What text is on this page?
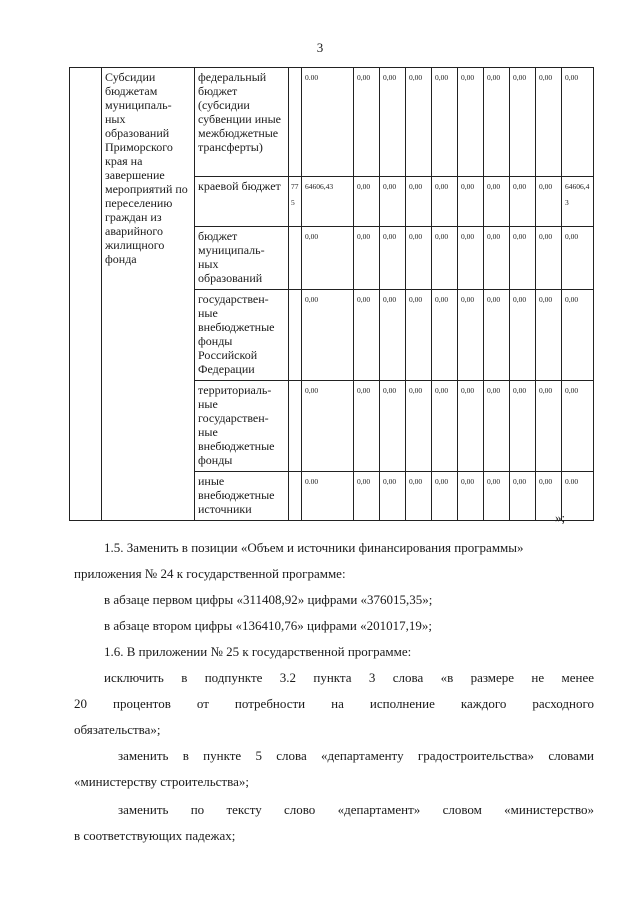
3
	Субсидии бюджетам муниципаль-ных образований Приморского края на завершение мероприятий по переселению граждан из аварийного жилищного фонда	федеральный бюджет (субсидии субвенции иные межбюджетные трансферты)		0.00	0,00	0,00	0,00	0,00	0,00	0,00	0,00	0,00	0,00
		краевой бюджет	775	64606,43	0,00	0,00	0,00	0,00	0,00	0,00	0,00	0,00	64606,43
		бюджет муниципаль-ных образований		0,00	0,00	0,00	0,00	0,00	0,00	0,00	0,00	0,00	0,00
		государствен-ные внебюджетные фонды Российской Федерации		0,00	0,00	0,00	0,00	0,00	0,00	0,00	0,00	0,00	0,00
		территориаль-ные государствен-ные внебюджетные фонды		0,00	0,00	0,00	0,00	0,00	0,00	0,00	0,00	0,00	0,00
		иные внебюджетные источники		0.00	0,00	0,00	0,00	0,00	0,00	0,00	0,00	0,00	0.00
»;
1.5. Заменить в позиции «Объем и источники финансирования программы»
приложения № 24 к государственной программе:
в абзаце первом цифры «311408,92» цифрами «376015,35»;
в абзаце втором цифры «136410,76» цифрами «201017,19»;
1.6. В приложении № 25 к государственной программе:
исключить в подпункте 3.2 пункта 3 слова «в размере не менее
20 процентов от потребности на исполнение каждого расходного
обязательства»;
заменить в пункте 5 слова «департаменту градостроительства» словами
«министерству строительства»;
заменить по тексту слово «департамент» словом «министерство»
в соответствующих падежах;
